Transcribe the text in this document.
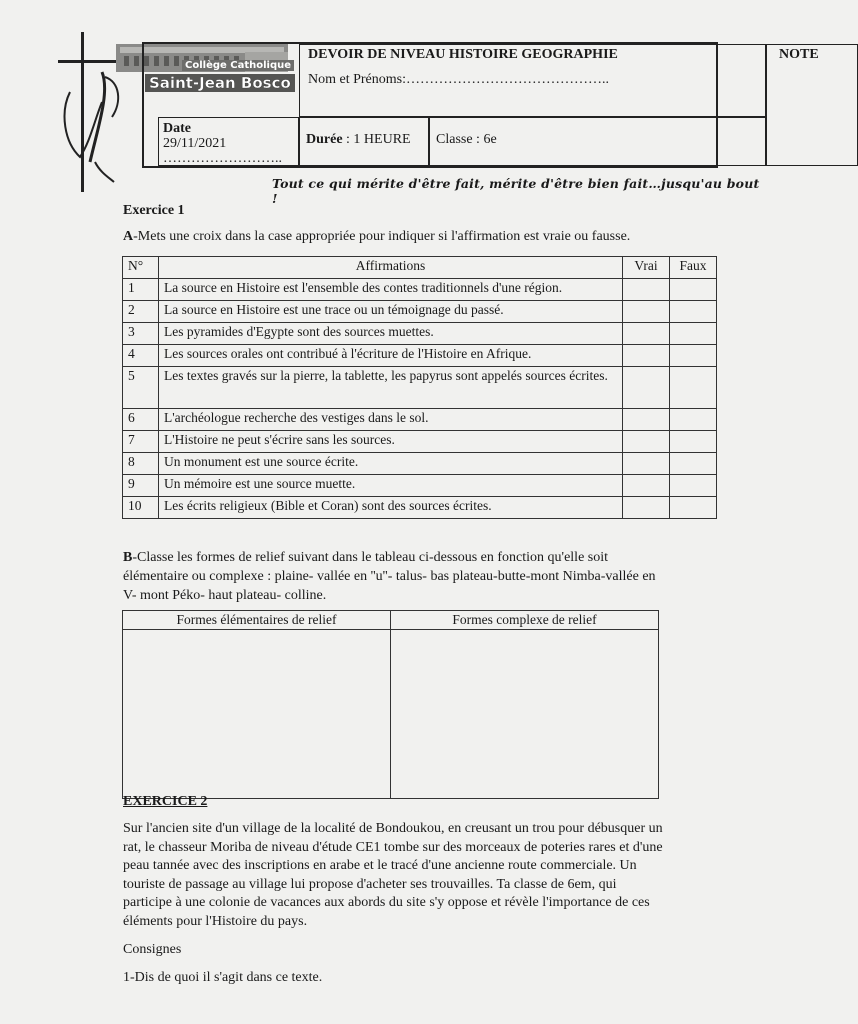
Collège Catholique
Saint-Jean Bosco
DEVOIR DE NIVEAU HISTOIRE GEOGRAPHIE
Nom et Prénoms:……………………………………..
NOTE
Date
29/11/2021
……………………..
Durée : 1 HEURE	Classe : 6e
Tout ce qui mérite d'être fait, mérite d'être bien fait…jusqu'au bout !
Exercice 1
A-Mets une croix dans la case appropriée pour indiquer si l'affirmation est vraie ou fausse.
N°	Affirmations	Vrai	Faux
1	La source en Histoire est l'ensemble des contes traditionnels d'une région.		
2	La source en Histoire est une trace ou un témoignage du passé.		
3	Les pyramides d'Egypte sont des sources muettes.		
4	Les sources orales ont contribué à l'écriture de l'Histoire en Afrique.		
5	Les textes gravés sur la pierre, la tablette, les papyrus sont appelés sources écrites.		
6	L'archéologue recherche des vestiges dans le sol.		
7	L'Histoire ne peut s'écrire sans les sources.		
8	Un monument est une source écrite.		
9	Un mémoire est une source muette.		
10	Les écrits religieux (Bible et Coran) sont des sources écrites.		
B-Classe les formes de relief suivant dans le tableau ci-dessous en fonction qu'elle soit élémentaire ou complexe : plaine- vallée en ''u''- talus- bas plateau-butte-mont Nimba-vallée en V- mont Péko- haut plateau- colline.
Formes élémentaires de relief	Formes complexe de relief

EXERCICE 2
Sur l'ancien site d'un village de la localité de Bondoukou, en creusant un trou pour débusquer un rat, le chasseur Moriba de niveau d'étude CE1 tombe sur des morceaux de poteries rares et d'une peau tannée avec des inscriptions en arabe et le tracé d'une ancienne route commerciale. Un touriste de passage au village lui propose d'acheter ses trouvailles. Ta classe de 6em, qui participe à une colonie de vacances aux abords du site s'y oppose et révèle l'importance de ces éléments pour l'Histoire du pays.
Consignes
1-Dis de quoi il s'agit dans ce texte.
